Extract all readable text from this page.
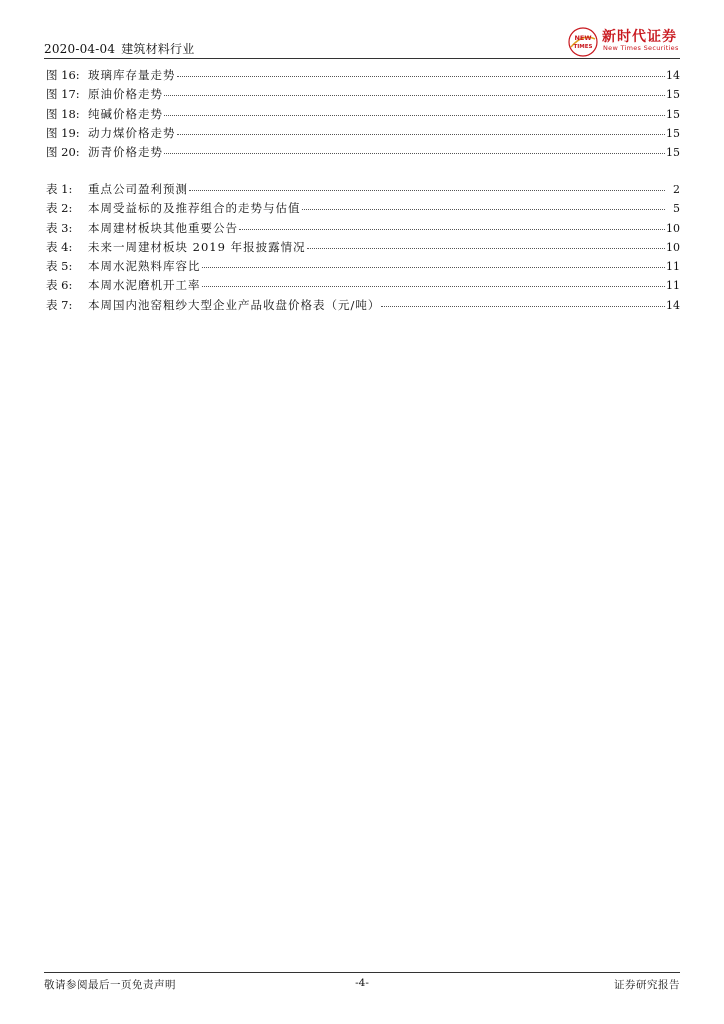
2020-04-04 建筑材料行业
NEW
TIMES
新时代证券
New Times Securities
图 16: 玻璃库存量走势	14
图 17: 原油价格走势	15
图 18: 纯碱价格走势	15
图 19: 动力煤价格走势	15
图 20: 沥青价格走势	15
表 1:	重点公司盈利预测	2
表 2:	本周受益标的及推荐组合的走势与估值	5
表 3:	本周建材板块其他重要公告	10
表 4:	未来一周建材板块 2019 年报披露情况	10
表 5:	本周水泥熟料库容比	11
表 6:	本周水泥磨机开工率	11
表 7:	本周国内池窑粗纱大型企业产品收盘价格表（元/吨）	14
敬请参阅最后一页免责声明	-4-	证券研究报告
